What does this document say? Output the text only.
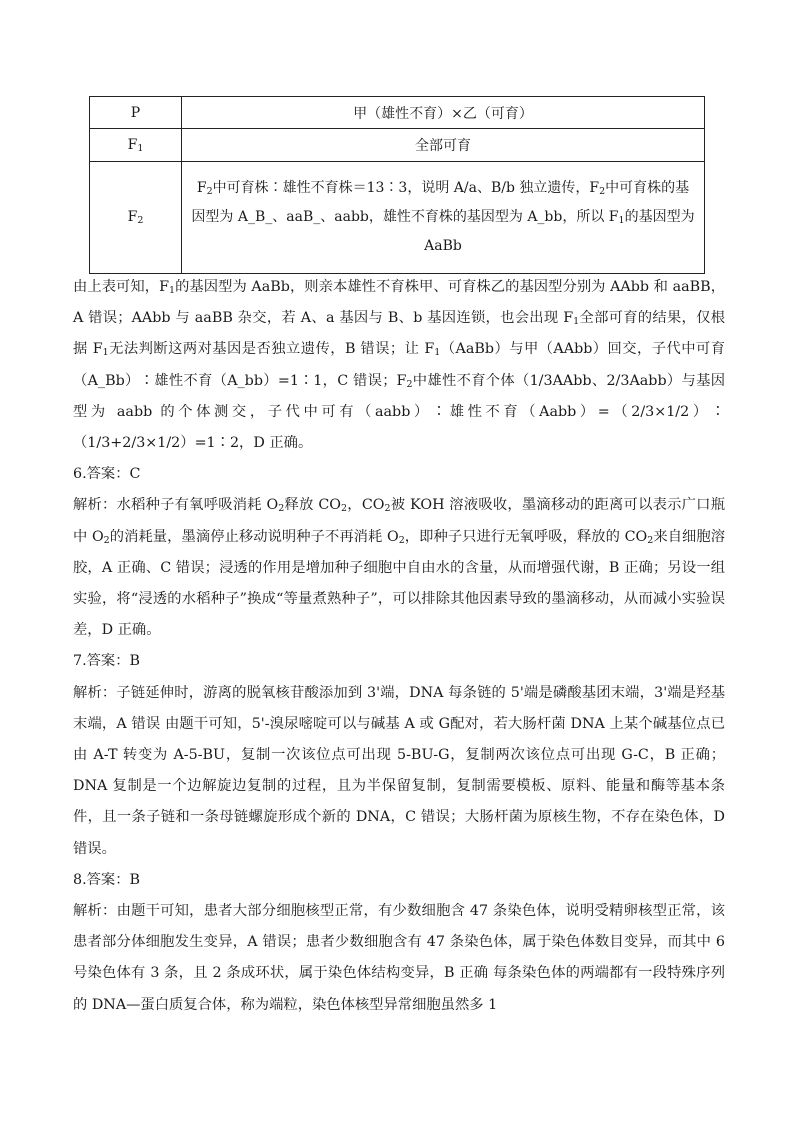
P	甲（雄性不育）×乙（可育）
$F_1$	全部可育
$F_2$	$F_2$中可育株∶雄性不育株＝13∶3，说明 A/a、B/b 独立遗传，$F_2$中可育株的基因型为 A_B_、aaB_、aabb，雄性不育株的基因型为 A_bb，所以 $F_1$的基因型为 AaBb

由上表可知，$F_1$的基因型为 AaBb，则亲本雄性不育株甲、可育株乙的基因型分别为 AAbb 和 aaBB，A 错误；AAbb 与 aaBB 杂交，若 A、a 基因与 B、b 基因连锁，也会出现 $F_1$全部可育的结果，仅根据 $F_1$无法判断这两对基因是否独立遗传，B 错误；让 $F_1(AaBb)$与甲（AAbb）回交，子代中可育（A_Bb）∶雄性不育（A_bb）=1∶1，C 错误；$F_2$中雄性不育个体（1/3AAbb、2/3Aabb）与基因型为 aabb 的个体测交，子代中可有（aabb）∶雄性不育（Aabb）=（2/3×1/2）∶（1/3+2/3×1/2）=1∶2，D 正确。

6.答案：C

解析：水稻种子有氧呼吸消耗 $O_2$释放 $CO_2$，$CO_2$被 KOH 溶液吸收，墨滴移动的距离可以表示广口瓶中 $O_2$的消耗量，墨滴停止移动说明种子不再消耗 $O_2$，即种子只进行无氧呼吸，释放的 $CO_2$来自细胞溶胶，A 正确、C 错误；浸透的作用是增加种子细胞中自由水的含量，从而增强代谢，B 正确；另设一组实验，将“浸透的水稻种子”换成“等量煮熟种子”，可以排除其他因素导致的墨滴移动，从而减小实验误差，D 正确。

7.答案：B

解析：子链延伸时，游离的脱氧核苷酸添加到 3'端，DNA 每条链的 5'端是磷酸基团末端，3'端是羟基末端，A 错误 由题干可知，5'-溴尿嘧啶可以与碱基 A 或 G配对，若大肠杆菌 DNA 上某个碱基位点已由 A-T 转变为 A-5-BU，复制一次该位点可出现 5-BU-G，复制两次该位点可出现 G-C，B 正确；DNA 复制是一个边解旋边复制的过程，且为半保留复制，复制需要模板、原料、能量和酶等基本条件，且一条子链和一条母链螺旋形成个新的 DNA，C 错误；大肠杆菌为原核生物，不存在染色体，D 错误。

8.答案：B

解析：由题干可知，患者大部分细胞核型正常，有少数细胞含 47 条染色体，说明受精卵核型正常，该患者部分体细胞发生变异，A 错误；患者少数细胞含有 47 条染色体，属于染色体数目变异，而其中 6 号染色体有 3 条，且 2 条成环状，属于染色体结构变异，B 正确 每条染色体的两端都有一段特殊序列的 DNA—蛋白质复合体，称为端粒，染色体核型异常细胞虽然多 1
